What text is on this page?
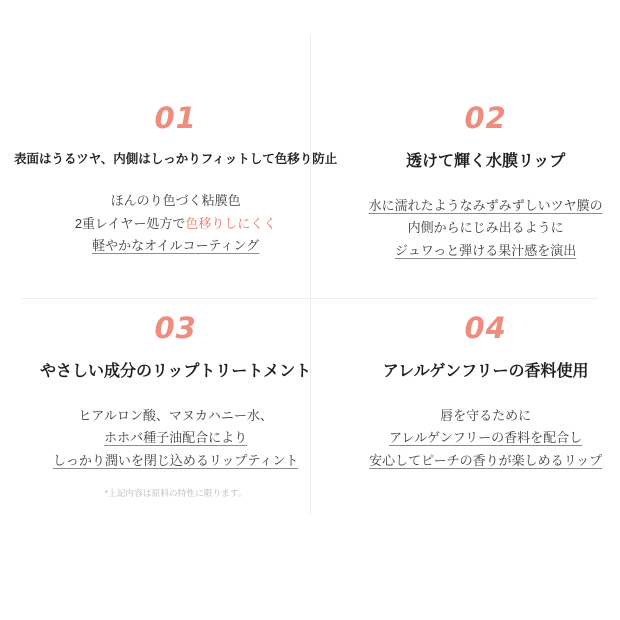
01
表面はうるツヤ、内側はしっかりフィットして色移り防止
ほんのり色づく粘膜色
2重レイヤー処方で色移りしにくく
軽やかなオイルコーティング
02
透けて輝く水膜リップ
水に濡れたようなみずみずしいツヤ膜の
内側からにじみ出るように
ジュワっと弾ける果汁感を演出
03
やさしい成分のリップトリートメント
ヒアルロン酸、マヌカハニー水、
ホホバ種子油配合により
しっかり潤いを閉じ込めるリップティント
*上記内容は原料の特性に限ります。
04
アレルゲンフリーの香料使用
唇を守るために
アレルゲンフリーの香料を配合し
安心してピーチの香りが楽しめるリップ
